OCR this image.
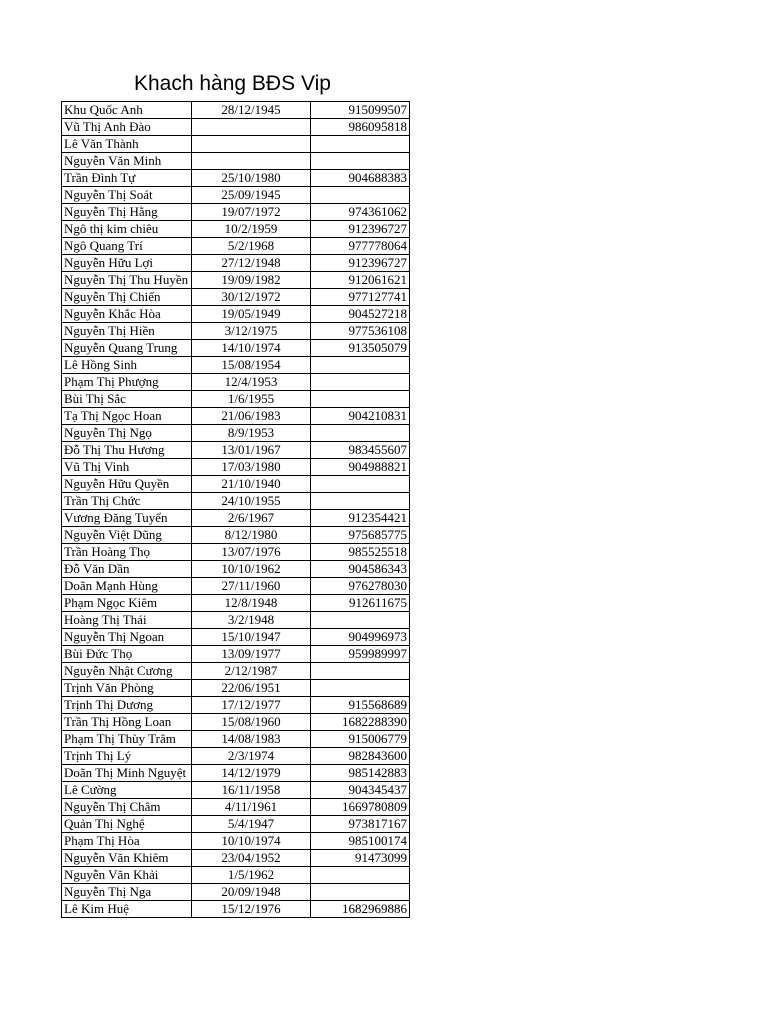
Khach hàng BĐS Vip
Khu Quốc Anh	28/12/1945	915099507
Vũ Thị Anh Đào		986095818
Lê Văn Thành		
Nguyễn Văn Minh		
Trần Đình Tự	25/10/1980	904688383
Nguyễn Thị Soát	25/09/1945	
Nguyễn Thị Hằng	19/07/1972	974361062
Ngô thị kim chiêu	10/2/1959	912396727
Ngô Quang Trí	5/2/1968	977778064
Nguyễn Hữu Lợi	27/12/1948	912396727
Nguyễn Thị Thu Huyền	19/09/1982	912061621
Nguyễn Thị Chiến	30/12/1972	977127741
Nguyễn Khắc Hòa	19/05/1949	904527218
Nguyễn Thị Hiền	3/12/1975	977536108
Nguyễn Quang Trung	14/10/1974	913505079
Lê Hồng Sinh	15/08/1954	
Phạm Thị Phượng	12/4/1953	
Bùi Thị Sắc	1/6/1955	
Tạ Thị Ngọc Hoan	21/06/1983	904210831
Nguyễn Thị Ngọ	8/9/1953	
Đỗ Thị Thu Hương	13/01/1967	983455607
Vũ Thị Vinh	17/03/1980	904988821
Nguyễn Hữu Quyền	21/10/1940	
Trần Thị Chức	24/10/1955	
Vương Đăng Tuyển	2/6/1967	912354421
Nguyễn Việt Dũng	8/12/1980	975685775
Trần Hoàng Thọ	13/07/1976	985525518
Đỗ Văn Dần	10/10/1962	904586343
Doãn Mạnh Hùng	27/11/1960	976278030
Phạm Ngọc Kiêm	12/8/1948	912611675
Hoàng Thị Thái	3/2/1948	
Nguyễn Thị Ngoan	15/10/1947	904996973
Bùi Đức Thọ	13/09/1977	959989997
Nguyễn Nhật Cương	2/12/1987	
Trịnh Văn Phòng	22/06/1951	
Trịnh Thị Dương	17/12/1977	915568689
Trần Thị Hồng Loan	15/08/1960	1682288390
Phạm Thị Thùy Trâm	14/08/1983	915006779
Trịnh Thị Lý	2/3/1974	982843600
Doãn Thị Minh Nguyệt	14/12/1979	985142883
Lê Cường	16/11/1958	904345437
Nguyễn Thị Châm	4/11/1961	1669780809
Quản Thị Nghệ	5/4/1947	973817167
Phạm Thị Hòa	10/10/1974	985100174
Nguyễn Văn Khiêm	23/04/1952	91473099
Nguyễn Văn Khải	1/5/1962	
Nguyễn Thị Nga	20/09/1948	
Lê Kim Huệ	15/12/1976	1682969886
